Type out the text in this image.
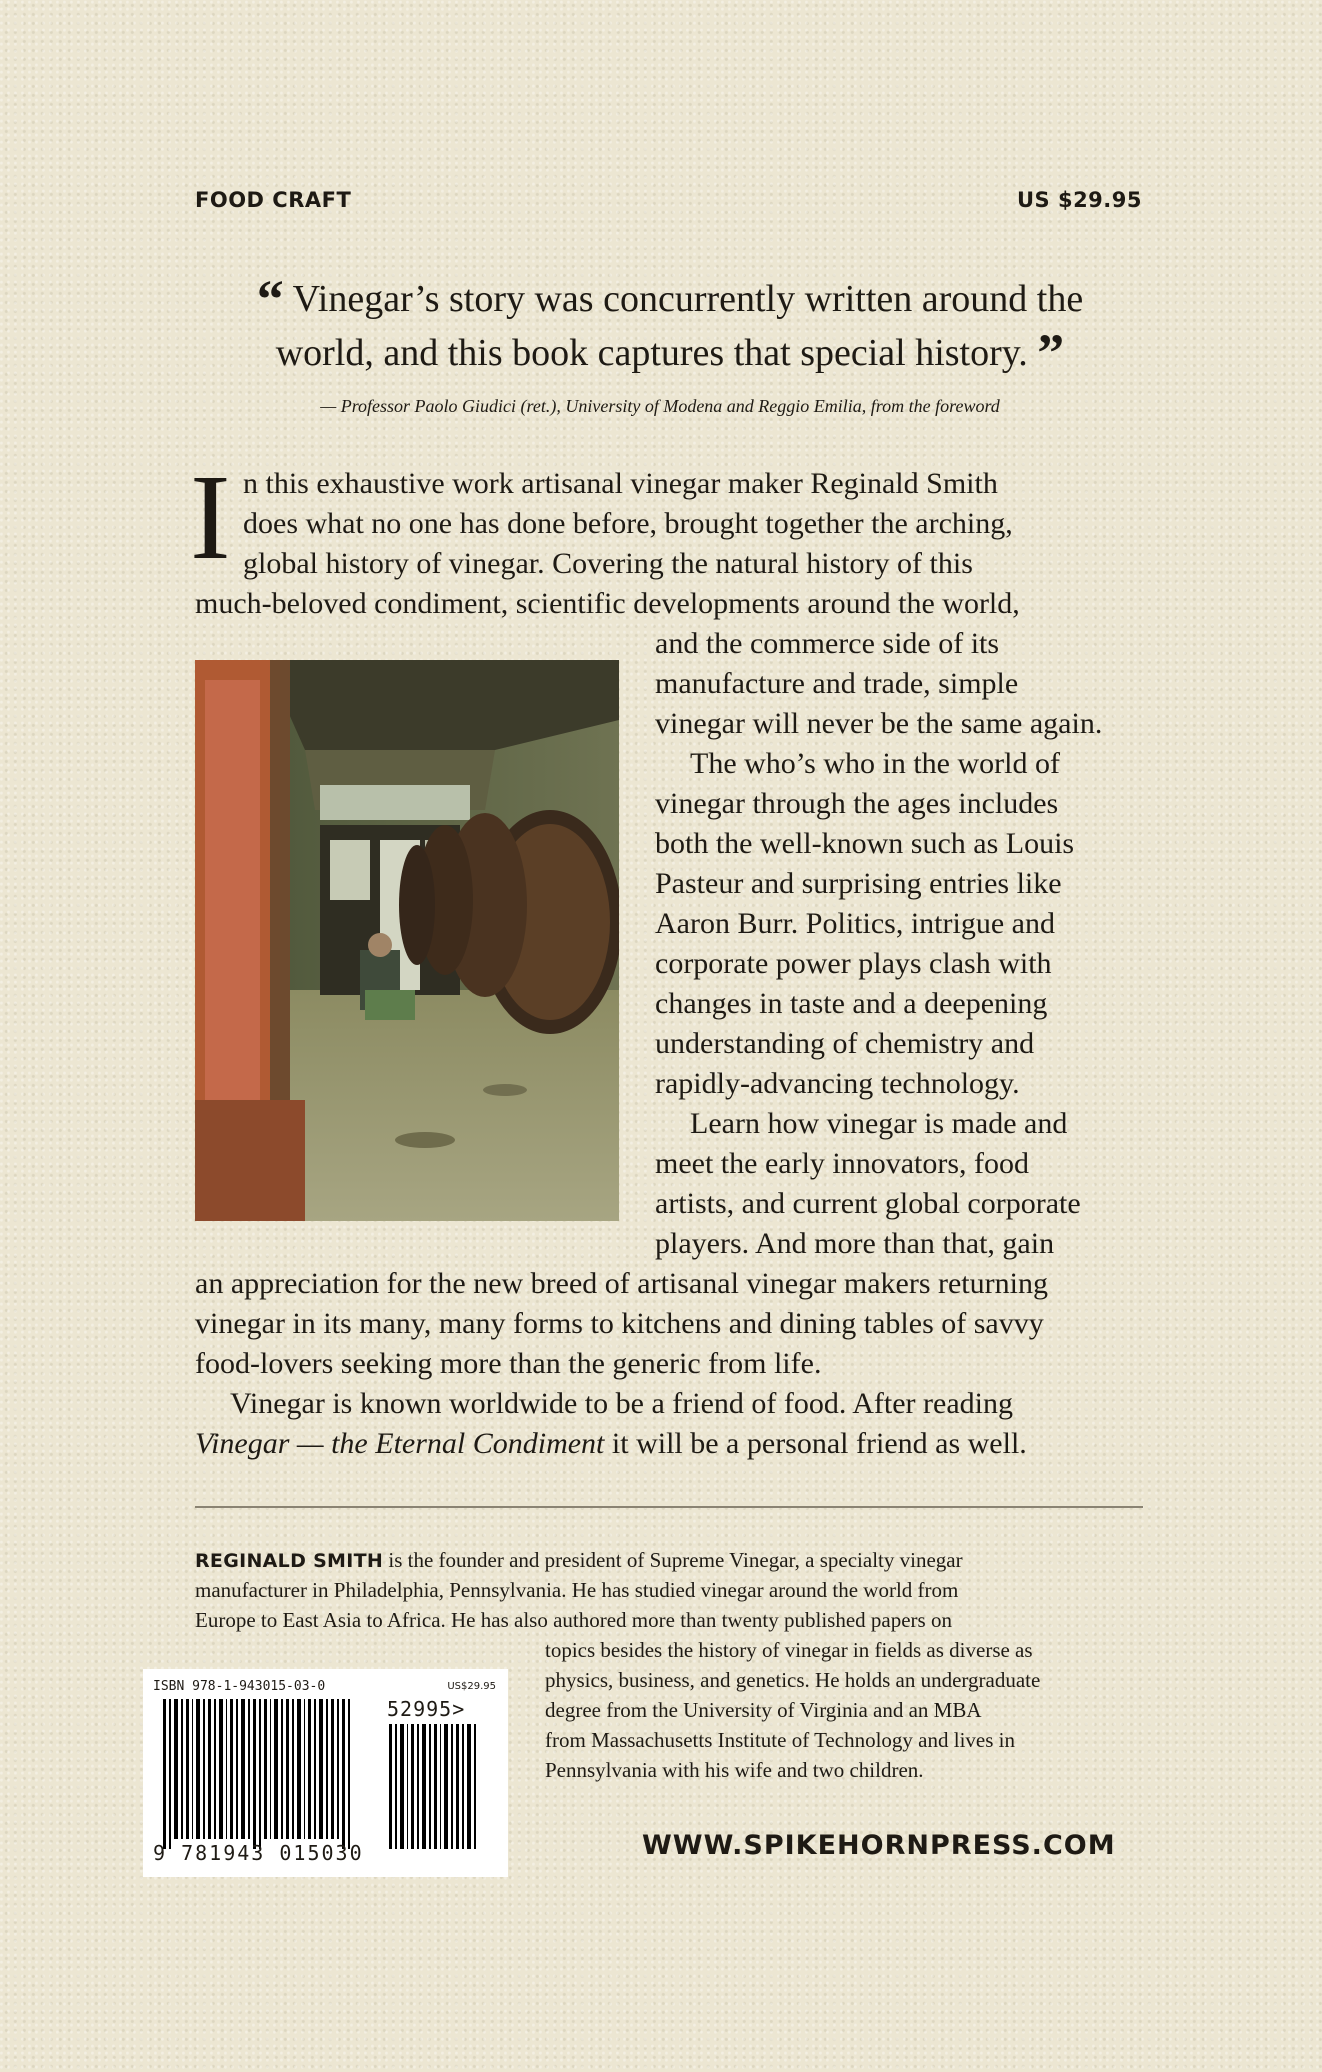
FOOD CRAFT	US $29.95
“ Vinegar’s story was concurrently written around the
world, and this book captures that special history. ”
— Professor Paolo Giudici (ret.), University of Modena and Reggio Emilia, from the foreword
I n this exhaustive work artisanal vinegar maker Reginald Smith
does what no one has done before, brought together the arching,
global history of vinegar. Covering the natural history of this
much-beloved condiment, scientific developments around the world,
and the commerce side of its
manufacture and trade, simple
vinegar will never be the same again.
The who’s who in the world of
vinegar through the ages includes
both the well-known such as Louis
Pasteur and surprising entries like
Aaron Burr. Politics, intrigue and
corporate power plays clash with
changes in taste and a deepening
understanding of chemistry and
rapidly-advancing technology.
Learn how vinegar is made and
meet the early innovators, food
artists, and current global corporate
players. And more than that, gain
an appreciation for the new breed of artisanal vinegar makers returning
vinegar in its many, many forms to kitchens and dining tables of savvy
food-lovers seeking more than the generic from life.
Vinegar is known worldwide to be a friend of food. After reading
Vinegar — the Eternal Condiment it will be a personal friend as well.
REGINALD SMITH is the founder and president of Supreme Vinegar, a specialty vinegar
manufacturer in Philadelphia, Pennsylvania. He has studied vinegar around the world from
Europe to East Asia to Africa. He has also authored more than twenty published papers on
topics besides the history of vinegar in fields as diverse as
physics, business, and genetics. He holds an undergraduate
degree from the University of Virginia and an MBA
from Massachusetts Institute of Technology and lives in
Pennsylvania with his wife and two children.
ISBN 978-1-943015-03-0	US$29.95
52995>
9 781943 015030	WWW.SPIKEHORNPRESS.COM
